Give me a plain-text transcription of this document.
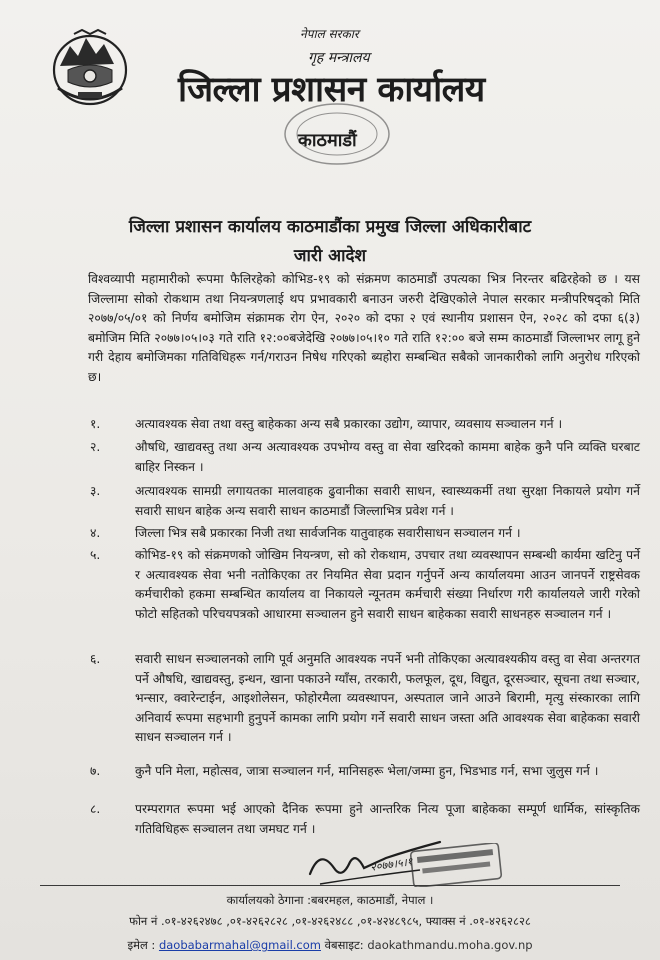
नेपाल सरकार
गृह मन्त्रालय
जिल्ला प्रशासन कार्यालय
काठमाडौं
जिल्ला प्रशासन कार्यालय काठमाडौंका प्रमुख जिल्ला अधिकारीबाट
जारी आदेश
विश्वव्यापी महामारीको रूपमा फैलिरहेको कोभिड-१९ को संक्रमण काठमाडौं उपत्यका भित्र निरन्तर बढिरहेको छ । यस जिल्लामा सोको रोकथाम तथा नियन्त्रणलाई थप प्रभावकारी बनाउन जरुरी देखिएकोले नेपाल सरकार मन्त्रीपरिषद्को मिति २०७७/०५/०१ को निर्णय बमोजिम संक्रामक रोग ऐन, २०२० को दफा २ एवं स्थानीय प्रशासन ऐन, २०२८ को दफा ६(३) बमोजिम मिति २०७७।०५।०३ गते राति १२:००बजेदेखि २०७७।०५।१० गते राति १२:०० बजे सम्म काठमाडौं जिल्लाभर लागू हुने गरी देहाय बमोजिमका गतिविधिहरू गर्न/गराउन निषेध गरिएको ब्यहोरा सम्बन्धित सबैको जानकारीको लागि अनुरोध गरिएको छ।
१.	अत्यावश्यक सेवा तथा वस्तु बाहेकका अन्य सबै प्रकारका उद्योग, व्यापार, व्यवसाय सञ्चालन गर्न ।
२.	औषधि, खाद्यवस्तु तथा अन्य अत्यावश्यक उपभोग्य वस्तु वा सेवा खरिदको काममा बाहेक कुनै पनि व्यक्ति घरबाट बाहिर निस्कन ।
३.	अत्यावश्यक सामग्री लगायतका मालवाहक ढुवानीका सवारी साधन, स्वास्थ्यकर्मी तथा सुरक्षा निकायले प्रयोग गर्ने सवारी साधन बाहेक अन्य सवारी साधन काठमाडौं जिल्लाभित्र प्रवेश गर्न ।
४.	जिल्ला भित्र सबै प्रकारका निजी तथा सार्वजनिक यातुवाहक सवारीसाधन सञ्चालन गर्न ।
५.	कोभिड-१९ को संक्रमणको जोखिम नियन्त्रण, सो को रोकथाम, उपचार तथा व्यवस्थापन सम्बन्धी कार्यमा खटिनु पर्ने र अत्यावश्यक सेवा भनी नतोकिएका तर नियमित सेवा प्रदान गर्नुपर्ने अन्य कार्यालयमा आउन जानपर्ने राष्ट्रसेवक कर्मचारीको हकमा सम्बन्धित कार्यालय वा निकायले न्यूनतम कर्मचारी संख्या निर्धारण गरी कार्यालयले जारी गरेको फोटो सहितको परिचयपत्रको आधारमा सञ्चालन हुने सवारी साधन बाहेकका सवारी साधनहरु सञ्चालन गर्न ।
६.	सवारी साधन सञ्चालनको लागि पूर्व अनुमति आवश्यक नपर्ने भनी तोकिएका अत्यावश्यकीय वस्तु वा सेवा अन्तरगत पर्ने औषधि, खाद्यवस्तु, इन्धन, खाना पकाउने ग्याँस, तरकारी, फलफूल, दूध, विद्युत, दूरसञ्चार, सूचना तथा सञ्चार, भन्सार, क्वारेन्टाईन, आइशोलेसन, फोहोरमैला व्यवस्थापन, अस्पताल जाने आउने बिरामी, मृत्यु संस्कारका लागि अनिवार्य रूपमा सहभागी हुनुपर्ने कामका लागि प्रयोग गर्ने सवारी साधन जस्ता अति आवश्यक सेवा बाहेकका सवारी साधन सञ्चालन गर्न ।
७.	कुनै पनि मेला, महोत्सव, जात्रा सञ्चालन गर्न, मानिसहरू भेला/जम्मा हुन, भिडभाड गर्न, सभा जुलुस गर्न ।
८.	परम्परागत रूपमा भई आएको दैनिक रूपमा हुने आन्तरिक नित्य पूजा बाहेकका सम्पूर्ण धार्मिक, सांस्कृतिक गतिविधिहरू सञ्चालन तथा जमघट गर्न ।
२०७७।५।१
कार्यालयको ठेगाना :बबरमहल, काठमाडौं, नेपाल ।
फोन नं .०१-४२६२४७८ ,०१-४२६२८२८ ,०१-४२६२४८८ ,०१-४२४८९८५, फ्याक्स नं .०१-४२६२८२८
इमेल : daobabarmahal@gmail.com वेबसाइट: daokathmandu.moha.gov.np
